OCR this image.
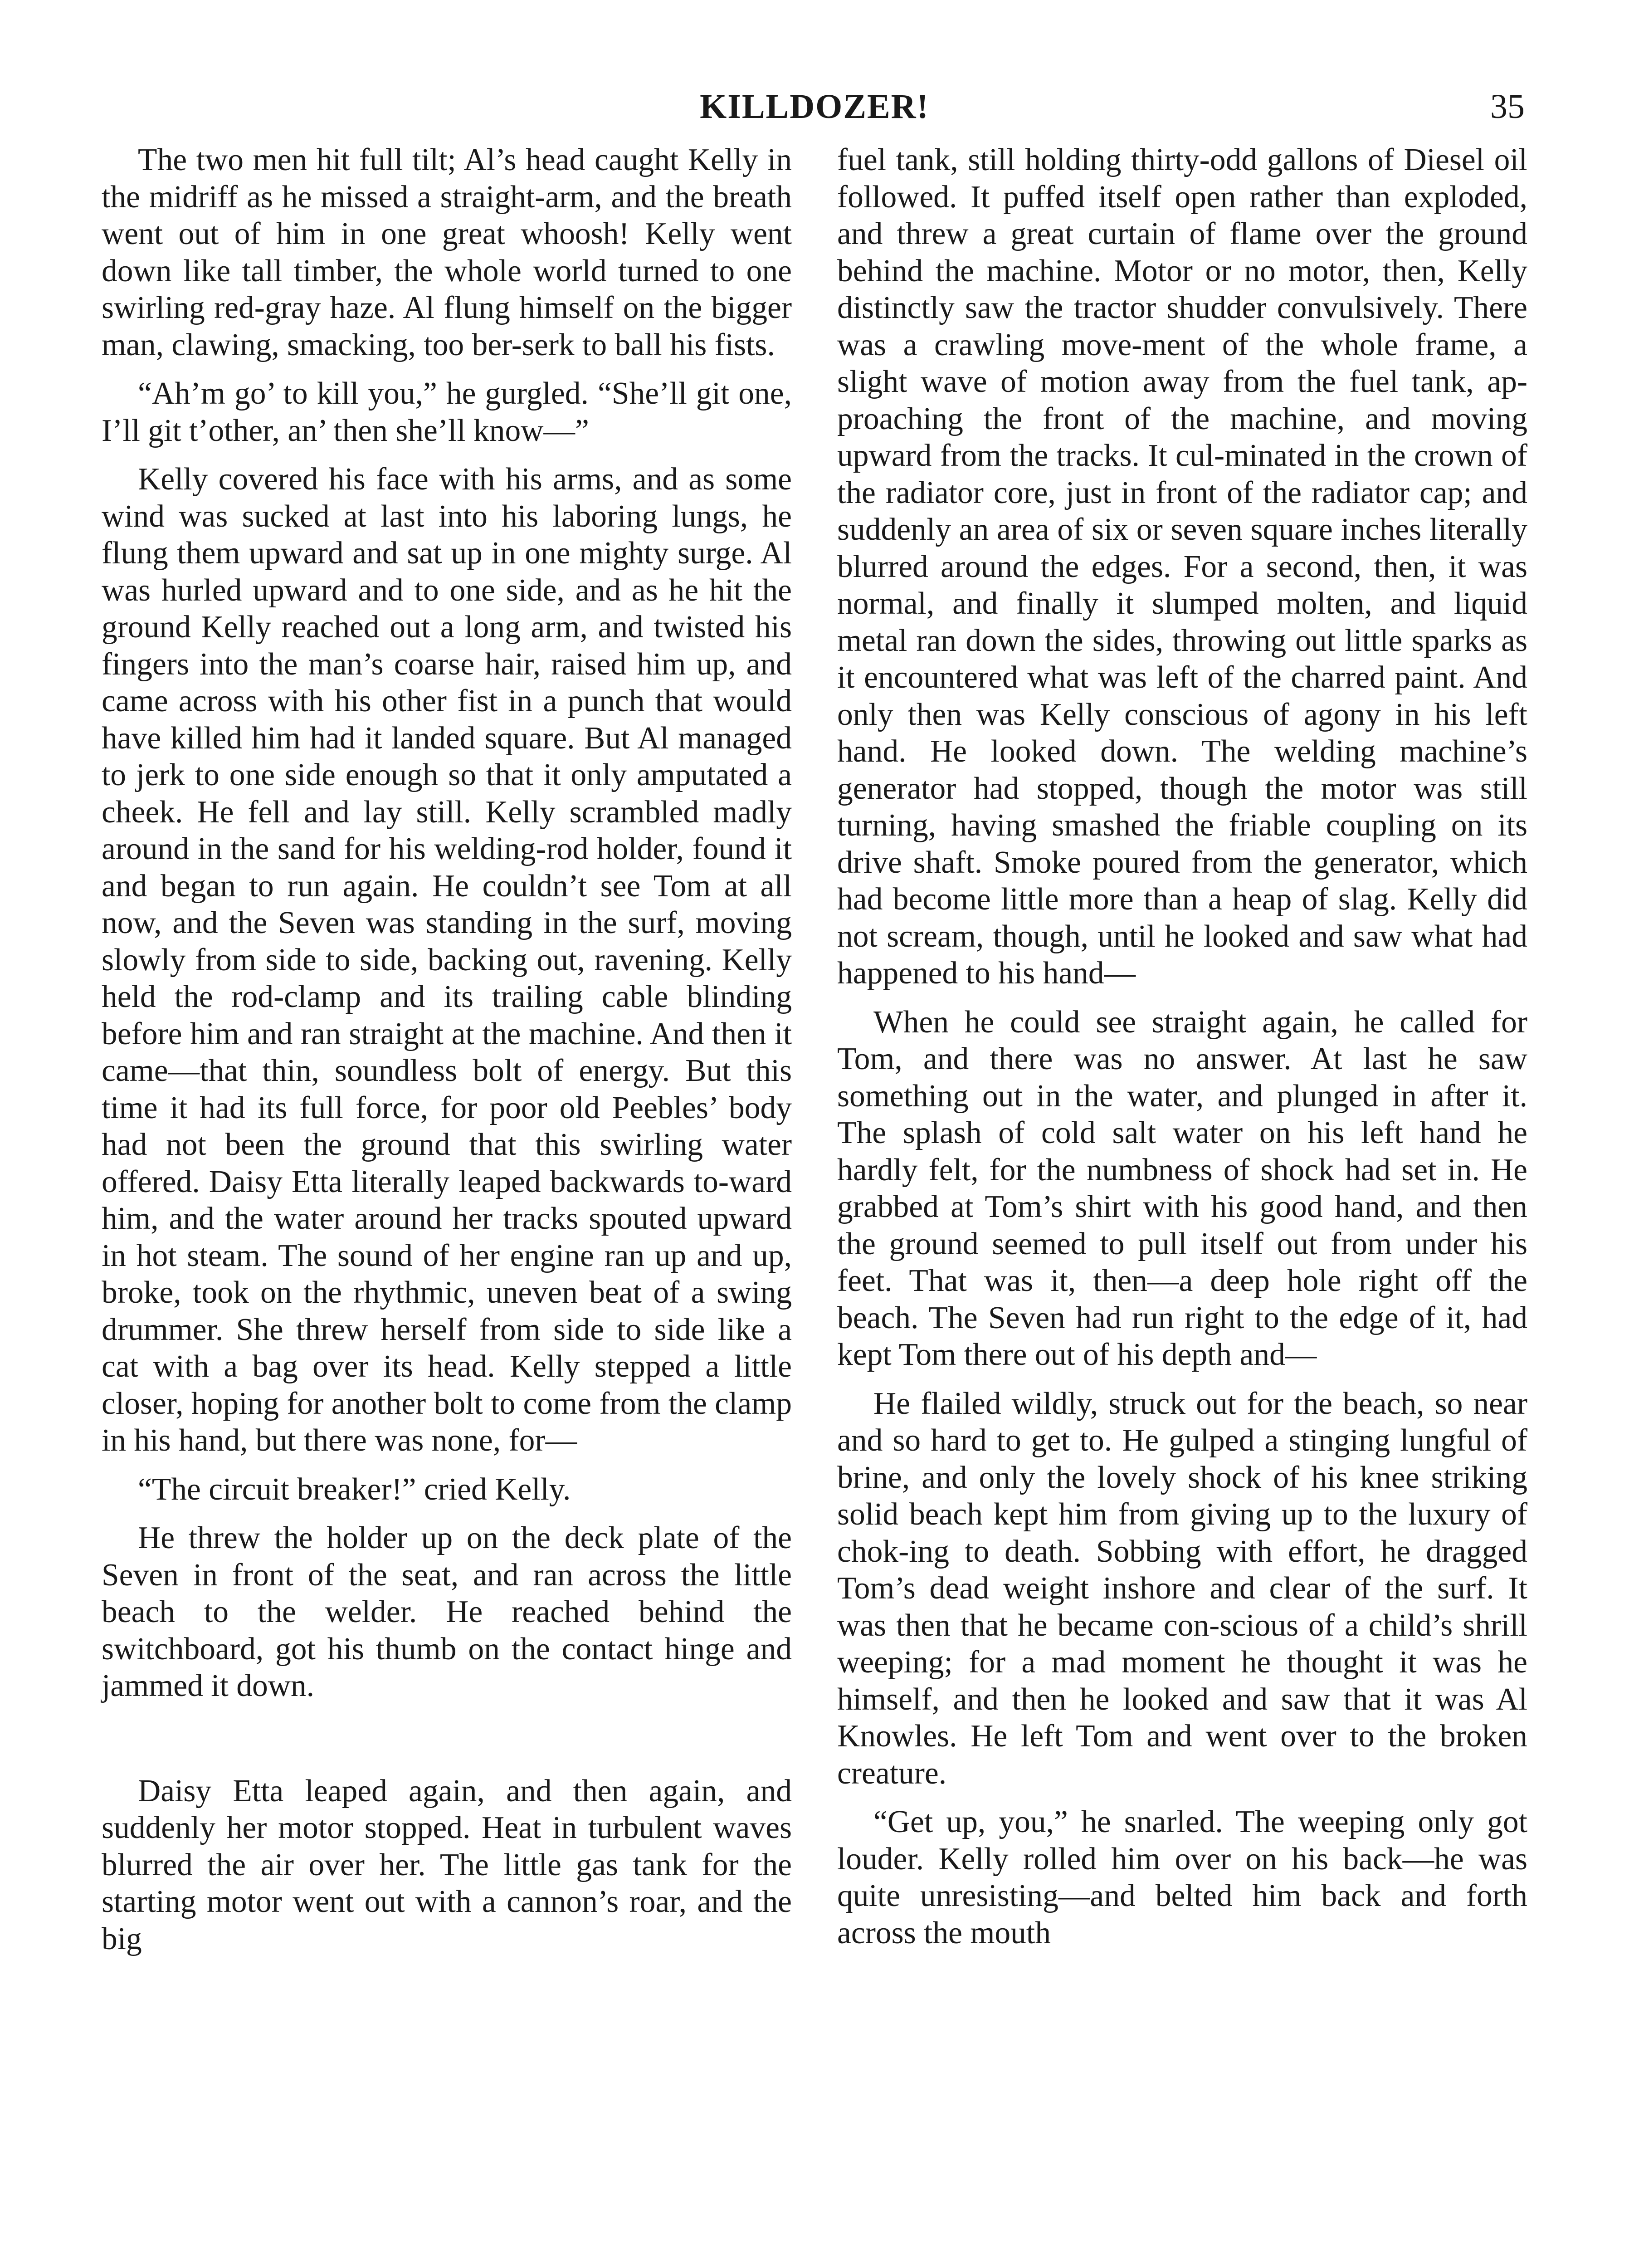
KILLDOZER!	35

The two men hit full tilt; Al’s head caught Kelly in the midriff as he missed a straight-arm, and the breath went out of him in one great whoosh! Kelly went down like tall timber, the whole world turned to one swirling red-gray haze. Al flung himself on the bigger man, clawing, smacking, too ber-serk to ball his fists.

“Ah’m go’ to kill you,” he gurgled. “She’ll git one, I’ll git t’other, an’ then she’ll know—”

Kelly covered his face with his arms, and as some wind was sucked at last into his laboring lungs, he flung them upward and sat up in one mighty surge. Al was hurled upward and to one side, and as he hit the ground Kelly reached out a long arm, and twisted his fingers into the man’s coarse hair, raised him up, and came across with his other fist in a punch that would have killed him had it landed square. But Al managed to jerk to one side enough so that it only amputated a cheek. He fell and lay still. Kelly scrambled madly around in the sand for his welding-rod holder, found it and began to run again. He couldn’t see Tom at all now, and the Seven was standing in the surf, moving slowly from side to side, backing out, ravening. Kelly held the rod-clamp and its trailing cable blinding before him and ran straight at the machine. And then it came—that thin, soundless bolt of energy. But this time it had its full force, for poor old Peebles’ body had not been the ground that this swirling water offered. Daisy Etta literally leaped backwards to-ward him, and the water around her tracks spouted upward in hot steam. The sound of her engine ran up and up, broke, took on the rhythmic, uneven beat of a swing drummer. She threw herself from side to side like a cat with a bag over its head. Kelly stepped a little closer, hoping for another bolt to come from the clamp in his hand, but there was none, for—

“The circuit breaker!” cried Kelly.

He threw the holder up on the deck plate of the Seven in front of the seat, and ran across the little beach to the welder. He reached behind the switchboard, got his thumb on the contact hinge and jammed it down.

Daisy Etta leaped again, and then again, and suddenly her motor stopped. Heat in turbulent waves blurred the air over her. The little gas tank for the starting motor went out with a cannon’s roar, and the big

fuel tank, still holding thirty-odd gallons of Diesel oil followed. It puffed itself open rather than exploded, and threw a great curtain of flame over the ground behind the machine. Motor or no motor, then, Kelly distinctly saw the tractor shudder convulsively. There was a crawling move-ment of the whole frame, a slight wave of motion away from the fuel tank, ap-proaching the front of the machine, and moving upward from the tracks. It cul-minated in the crown of the radiator core, just in front of the radiator cap; and suddenly an area of six or seven square inches literally blurred around the edges. For a second, then, it was normal, and finally it slumped molten, and liquid metal ran down the sides, throwing out little sparks as it encountered what was left of the charred paint. And only then was Kelly conscious of agony in his left hand. He looked down. The welding machine’s generator had stopped, though the motor was still turning, having smashed the friable coupling on its drive shaft. Smoke poured from the generator, which had become little more than a heap of slag. Kelly did not scream, though, until he looked and saw what had happened to his hand—

When he could see straight again, he called for Tom, and there was no answer. At last he saw something out in the water, and plunged in after it. The splash of cold salt water on his left hand he hardly felt, for the numbness of shock had set in. He grabbed at Tom’s shirt with his good hand, and then the ground seemed to pull itself out from under his feet. That was it, then—a deep hole right off the beach. The Seven had run right to the edge of it, had kept Tom there out of his depth and—

He flailed wildly, struck out for the beach, so near and so hard to get to. He gulped a stinging lungful of brine, and only the lovely shock of his knee striking solid beach kept him from giving up to the luxury of chok-ing to death. Sobbing with effort, he dragged Tom’s dead weight inshore and clear of the surf. It was then that he became con-scious of a child’s shrill weeping; for a mad moment he thought it was he himself, and then he looked and saw that it was Al Knowles. He left Tom and went over to the broken creature.

“Get up, you,” he snarled. The weeping only got louder. Kelly rolled him over on his back—he was quite unresisting—and belted him back and forth across the mouth
